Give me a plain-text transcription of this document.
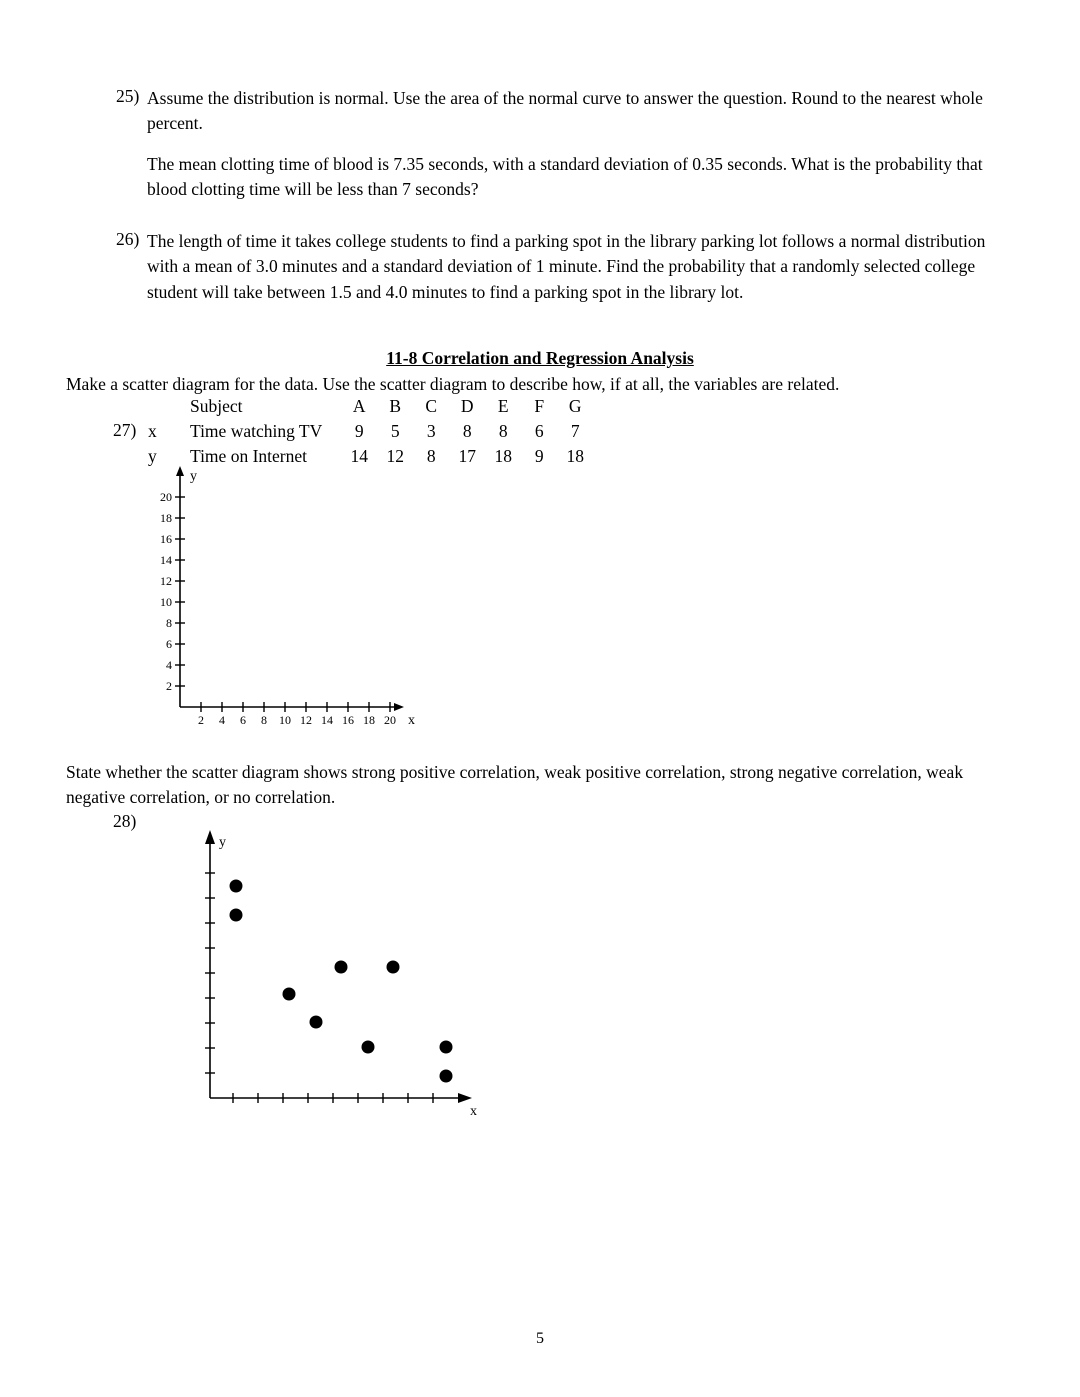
25) Assume the distribution is normal. Use the area of the normal curve to answer the question. Round to the nearest whole percent.
The mean clotting time of blood is 7.35 seconds, with a standard deviation of 0.35 seconds. What is the probability that blood clotting time will be less than 7 seconds?
26) The length of time it takes college students to find a parking spot in the library parking lot follows a normal distribution with a mean of 3.0 minutes and a standard deviation of 1 minute. Find the probability that a randomly selected college student will take between 1.5 and 4.0 minutes to find a parking spot in the library lot.
11-8 Correlation and Regression Analysis
Make a scatter diagram for the data. Use the scatter diagram to describe how, if at all, the variables are related.
27)
	Subject	A	B	C	D	E	F	G
x	Time watching TV	9	5	3	8	8	6	7
y	Time on Internet	14	12	8	17	18	9	18
2
4
6
8
10
12
14
16
18
20
2 4 6 8 10 12 14 16 18 20
y
x
State whether the scatter diagram shows strong positive correlation, weak positive correlation, strong negative correlation, weak negative correlation, or no correlation.
28)
y
x
5
